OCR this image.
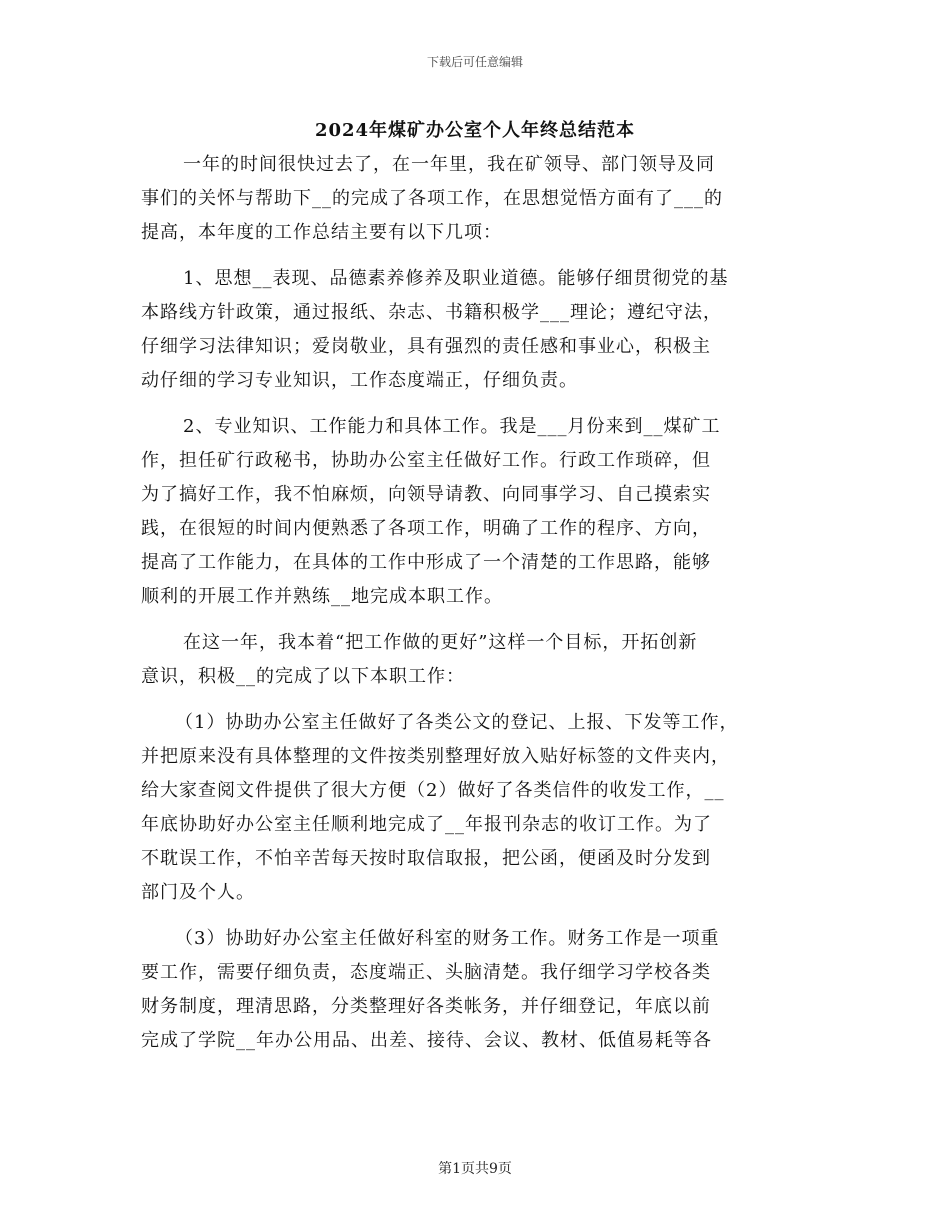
下载后可任意编辑
2024年煤矿办公室个人年终总结范本
一年的时间很快过去了，在一年里，我在矿领导、部门领导及同
事们的关怀与帮助下__的完成了各项工作，在思想觉悟方面有了___的
提高，本年度的工作总结主要有以下几项：
1、思想__表现、品德素养修养及职业道德。能够仔细贯彻党的基
本路线方针政策，通过报纸、杂志、书籍积极学___理论；遵纪守法，
仔细学习法律知识；爱岗敬业，具有强烈的责任感和事业心，积极主
动仔细的学习专业知识，工作态度端正，仔细负责。
2、专业知识、工作能力和具体工作。我是___月份来到__煤矿工
作，担任矿行政秘书，协助办公室主任做好工作。行政工作琐碎，但
为了搞好工作，我不怕麻烦，向领导请教、向同事学习、自己摸索实
践，在很短的时间内便熟悉了各项工作，明确了工作的程序、方向，
提高了工作能力，在具体的工作中形成了一个清楚的工作思路，能够
顺利的开展工作并熟练__地完成本职工作。
在这一年，我本着“把工作做的更好”这样一个目标，开拓创新
意识，积极__的完成了以下本职工作：
（1）协助办公室主任做好了各类公文的登记、上报、下发等工作，
并把原来没有具体整理的文件按类别整理好放入贴好标签的文件夹内，
给大家查阅文件提供了很大方便（2）做好了各类信件的收发工作，__
年底协助好办公室主任顺利地完成了__年报刊杂志的收订工作。为了
不耽误工作，不怕辛苦每天按时取信取报，把公函，便函及时分发到
部门及个人。
（3）协助好办公室主任做好科室的财务工作。财务工作是一项重
要工作，需要仔细负责，态度端正、头脑清楚。我仔细学习学校各类
财务制度，理清思路，分类整理好各类帐务，并仔细登记，年底以前
完成了学院__年办公用品、出差、接待、会议、教材、低值易耗等各
第1页共9页
